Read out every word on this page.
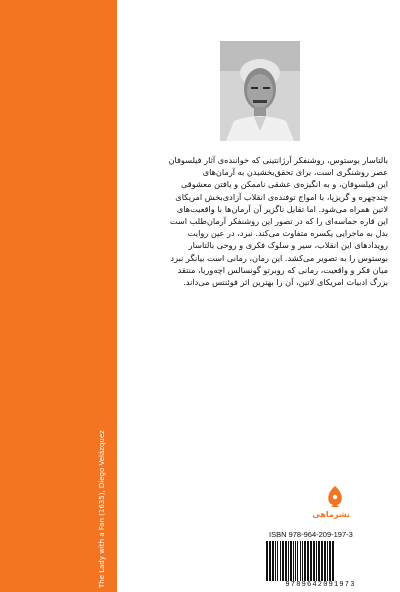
The Lady with a Fan (1635), Diego Velázquez
بالتاسار بوستوس، روشنفکر آرژانتینی که خواننده‌ی آثار فیلسوفان
عصر روشنگری است، برای تحقق‌بخشیدن به آرمان‌های
این فیلسوفان، و به انگیزه‌ی عشقی ناممکن و یافتن معشوقی
چندچهره و گریزپا، با امواج توفنده‌ی انقلاب آزادی‌بخش امریکای
لاتین همراه می‌شود. اما تقابل ناگزیر آن آرمان‌ها با واقعیت‌های
این قاره حماسه‌ای را که در تصور این روشنفکر آرمان‌طلب است
بدل به ماجرایی یکسره متفاوت می‌کند. نبرد، در عین روایت
رویدادهای این انقلاب، سیر و سلوک فکری و روحی بالتاسار
بوستوس را به تصویر می‌کشد. این رمان، رمانی است بیانگر نبرد
میان فکر و واقعیت، رمانی که روبرتو گونسالس اچه‌وریا، منتقد
بزرگ ادبیات امریکای لاتین، آن را بهترین اثر فوئنتس می‌داند.
نشرماهی
ISBN 978-964-209-197-3
9789642091973
